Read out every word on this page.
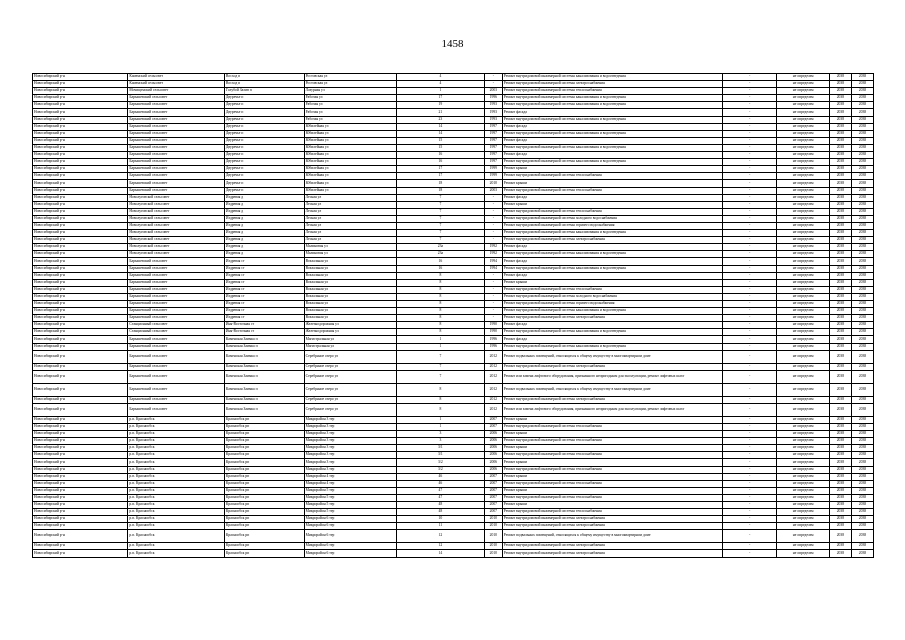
1458
Новосибирский р-н	Каменский сельсовет	Восход п	Ростовская ул	4	-	Ремонт внутридомовой инженерной системы канализования и водоотведения	-	не определен	2038	2038
Новосибирский р-н	Каменский сельсовет	Восход п	Ростовская ул	4	-	Ремонт внутридомовой инженерной системы электроснабжения	-	не определен	2038	2038
Новосибирский р-н	Мочищенский сельсовет	Голубой Залив п	Лазурная ул	1	2003	Ремонт внутридомовой инженерной системы теплоснабжения	-	не определен	2038	2038
Новосибирский р-н	Барышевский сельсовет	Двуречье п	Рабочая ул	17	1996	Ремонт внутридомовой инженерной системы канализования и водоотведения	-	не определен	2038	2038
Новосибирский р-н	Барышевский сельсовет	Двуречье п	Рабочая ул	19	1993	Ремонт внутридомовой инженерной системы канализования и водоотведения	-	не определен	2038	2038
Новосибирский р-н	Барышевский сельсовет	Двуречье п	Рабочая ул	21	1993	Ремонт фасада	-	не определен	2038	2038
Новосибирский р-н	Барышевский сельсовет	Двуречье п	Рабочая ул	23	1993	Ремонт внутридомовой инженерной системы канализования и водоотведения	-	не определен	2038	2038
Новосибирский р-н	Барышевский сельсовет	Двуречье п	Юбилейная ул	14	1997	Ремонт фасада	-	не определен	2038	2038
Новосибирский р-н	Барышевский сельсовет	Двуречье п	Юбилейная ул	14	1997	Ремонт внутридомовой инженерной системы канализования и водоотведения	-	не определен	2038	2038
Новосибирский р-н	Барышевский сельсовет	Двуречье п	Юбилейная ул	15	1997	Ремонт фасада	-	не определен	2038	2038
Новосибирский р-н	Барышевский сельсовет	Двуречье п	Юбилейная ул	15	1997	Ремонт внутридомовой инженерной системы канализования и водоотведения	-	не определен	2038	2038
Новосибирский р-н	Барышевский сельсовет	Двуречье п	Юбилейная ул	16	1997	Ремонт фасада	-	не определен	2038	2038
Новосибирский р-н	Барышевский сельсовет	Двуречье п	Юбилейная ул	16	1997	Ремонт внутридомовой инженерной системы канализования и водоотведения	-	не определен	2038	2038
Новосибирский р-н	Барышевский сельсовет	Двуречье п	Юбилейная ул	17	1999	Ремонт крыши	-	не определен	2038	2038
Новосибирский р-н	Барышевский сельсовет	Двуречье п	Юбилейная ул	17	1999	Ремонт внутридомовой инженерной системы теплоснабжения	-	не определен	2038	2038
Новосибирский р-н	Барышевский сельсовет	Двуречье п	Юбилейная ул	18	2010	Ремонт крыши	-	не определен	2038	2038
Новосибирский р-н	Барышевский сельсовет	Двуречье п	Юбилейная ул	18	2003	Ремонт внутридомовой инженерной системы теплоснабжения	-	не определен	2038	2038
Новосибирский р-н	Новолуговской сельсовет	Издревая д	Лесная ул	7	-	Ремонт фасада	-	не определен	2038	2038
Новосибирский р-н	Новолуговской сельсовет	Издревая д	Лесная ул	7	-	Ремонт крыши	-	не определен	2038	2038
Новосибирский р-н	Новолуговской сельсовет	Издревая д	Лесная ул	7	-	Ремонт внутридомовой инженерной системы теплоснабжения	-	не определен	2038	2038
Новосибирский р-н	Новолуговской сельсовет	Издревая д	Лесная ул	7	-	Ремонт внутридомовой инженерной системы холодного водоснабжения	-	не определен	2038	2038
Новосибирский р-н	Новолуговской сельсовет	Издревая д	Лесная ул	7	-	Ремонт внутридомовой инженерной системы горячего водоснабжения	-	не определен	2038	2038
Новосибирский р-н	Новолуговской сельсовет	Издревая д	Лесная ул	7	-	Ремонт внутридомовой инженерной системы канализования и водоотведения	-	не определен	2038	2038
Новосибирский р-н	Новолуговской сельсовет	Издревая д	Лесная ул	7	-	Ремонт внутридомовой инженерной системы электроснабжения	-	не определен	2038	2038
Новосибирский р-н	Новолуговской сельсовет	Издревая д	Малиновая ул	23а	1992	Ремонт фасада	-	не определен	2038	2038
Новосибирский р-н	Новолуговской сельсовет	Издревая д	Малиновая ул	23а	1992	Ремонт внутридомовой инженерной системы канализования и водоотведения	-	не определен	2038	2038
Новосибирский р-н	Барышевский сельсовет	Издревая ст	Вокзальная ул	16	1994	Ремонт фасада	-	не определен	2038	2038
Новосибирский р-н	Барышевский сельсовет	Издревая ст	Вокзальная ул	16	1994	Ремонт внутридомовой инженерной системы канализования и водоотведения	-	не определен	2038	2038
Новосибирский р-н	Барышевский сельсовет	Издревая ст	Вокзальная ул	8	-	Ремонт фасада	-	не определен	2038	2038
Новосибирский р-н	Барышевский сельсовет	Издревая ст	Вокзальная ул	8	-	Ремонт крыши	-	не определен	2038	2038
Новосибирский р-н	Барышевский сельсовет	Издревая ст	Вокзальная ул	8	-	Ремонт внутридомовой инженерной системы теплоснабжения	-	не определен	2038	2038
Новосибирский р-н	Барышевский сельсовет	Издревая ст	Вокзальная ул	8	-	Ремонт внутридомовой инженерной системы холодного водоснабжения	-	не определен	2038	2038
Новосибирский р-н	Барышевский сельсовет	Издревая ст	Вокзальная ул	8	-	Ремонт внутридомовой инженерной системы горячего водоснабжения	-	не определен	2038	2038
Новосибирский р-н	Барышевский сельсовет	Издревая ст	Вокзальная ул	8	-	Ремонт внутридомовой инженерной системы канализования и водоотведения	-	не определен	2038	2038
Новосибирский р-н	Барышевский сельсовет	Издревая ст	Вокзальная ул	8	-	Ремонт внутридомовой инженерной системы электроснабжения	-	не определен	2038	2038
Новосибирский р-н	Станционный сельсовет	Иня-Восточная ст	Железнодорожная ул	8	1990	Ремонт фасада	-	не определен	2038	2038
Новосибирский р-н	Станционный сельсовет	Иня-Восточная ст	Железнодорожная ул	8	1990	Ремонт внутридомовой инженерной системы канализования и водоотведения	-	не определен	2038	2038
Новосибирский р-н	Барышевский сельсовет	Каменская Заимка п	Магистральная ул	1	1996	Ремонт фасада	-	не определен	2038	2038
Новосибирский р-н	Барышевский сельсовет	Каменская Заимка п	Магистральная ул	1	1996	Ремонт внутридомовой инженерной системы канализования и водоотведения	-	не определен	2038	2038
Новосибирский р-н	Барышевский сельсовет	Каменская Заимка п	Серебряное озеро ул	7	2012	Ремонт подвальных помещений, относящихся к общему имуществу в многоквартирном доме	-	не определен	2038	2038
Новосибирский р-н	Барышевский сельсовет	Каменская Заимка п	Серебряное озеро ул	7	2012	Ремонт внутридомовой инженерной системы электроснабжения	-	не определен	2038	2038
Новосибирский р-н	Барышевский сельсовет	Каменская Заимка п	Серебряное озеро ул	7	2012	Ремонт или замена лифтового оборудования, признанного непригодным для эксплуатации, ремонт лифтовых шахт	-	не определен	2038	2038
Новосибирский р-н	Барышевский сельсовет	Каменская Заимка п	Серебряное озеро ул	8	2012	Ремонт подвальных помещений, относящихся к общему имуществу в многоквартирном доме	-	не определен	2038	2038
Новосибирский р-н	Барышевский сельсовет	Каменская Заимка п	Серебряное озеро ул	8	2012	Ремонт внутридомовой инженерной системы электроснабжения	-	не определен	2038	2038
Новосибирский р-н	Барышевский сельсовет	Каменская Заимка п	Серебряное озеро ул	8	2012	Ремонт или замена лифтового оборудования, признанного непригодным для эксплуатации, ремонт лифтовых шахт	-	не определен	2038	2038
Новосибирский р-н	р.п. Краснообск	Краснообск рп	Микрорайон 3 тер	1	2007	Ремонт крыши	-	не определен	2038	2038
Новосибирский р-н	р.п. Краснообск	Краснообск рп	Микрорайон 3 тер	1	2007	Ремонт внутридомовой инженерной системы теплоснабжения	-	не определен	2038	2038
Новосибирский р-н	р.п. Краснообск	Краснообск рп	Микрорайон 3 тер	3	2006	Ремонт крыши	-	не определен	2038	2038
Новосибирский р-н	р.п. Краснообск	Краснообск рп	Микрорайон 3 тер	3	2006	Ремонт внутридомовой инженерной системы теплоснабжения	-	не определен	2038	2038
Новосибирский р-н	р.п. Краснообск	Краснообск рп	Микрорайон 3 тер	3/1	2006	Ремонт крыши	-	не определен	2038	2038
Новосибирский р-н	р.п. Краснообск	Краснообск рп	Микрорайон 3 тер	3/1	2006	Ремонт внутридомовой инженерной системы теплоснабжения	-	не определен	2038	2038
Новосибирский р-н	р.п. Краснообск	Краснообск рп	Микрорайон 3 тер	3/2	2006	Ремонт крыши	-	не определен	2038	2038
Новосибирский р-н	р.п. Краснообск	Краснообск рп	Микрорайон 3 тер	3/2	2006	Ремонт внутридомовой инженерной системы теплоснабжения	-	не определен	2038	2038
Новосибирский р-н	р.п. Краснообск	Краснообск рп	Микрорайон 4 тер	46	2007	Ремонт крыши	-	не определен	2038	2038
Новосибирский р-н	р.п. Краснообск	Краснообск рп	Микрорайон 4 тер	46	2007	Ремонт внутридомовой инженерной системы теплоснабжения	-	не определен	2038	2038
Новосибирский р-н	р.п. Краснообск	Краснообск рп	Микрорайон 5 тер	47	2007	Ремонт крыши	-	не определен	2038	2038
Новосибирский р-н	р.п. Краснообск	Краснообск рп	Микрорайон 5 тер	47	2007	Ремонт внутридомовой инженерной системы теплоснабжения	-	не определен	2038	2038
Новосибирский р-н	р.п. Краснообск	Краснообск рп	Микрорайон 5 тер	48	2007	Ремонт крыши	-	не определен	2038	2038
Новосибирский р-н	р.п. Краснообск	Краснообск рп	Микрорайон 5 тер	48	2007	Ремонт внутридомовой инженерной системы теплоснабжения	-	не определен	2038	2038
Новосибирский р-н	р.п. Краснообск	Краснообск рп	Микрорайон 6 тер	10	2010	Ремонт внутридомовой инженерной системы электроснабжения	-	не определен	2038	2038
Новосибирский р-н	р.п. Краснообск	Краснообск рп	Микрорайон 6 тер	11	2010	Ремонт внутридомовой инженерной системы электроснабжения	-	не определен	2038	2038
Новосибирский р-н	р.п. Краснообск	Краснообск рп	Микрорайон 6 тер	12	2010	Ремонт подвальных помещений, относящихся к общему имуществу в многоквартирном доме	-	не определен	2038	2038
Новосибирский р-н	р.п. Краснообск	Краснообск рп	Микрорайон 6 тер	12	2010	Ремонт внутридомовой инженерной системы электроснабжения	-	не определен	2038	2038
Новосибирский р-н	р.п. Краснообск	Краснообск рп	Микрорайон 6 тер	14	2010	Ремонт внутридомовой инженерной системы электроснабжения	-	не определен	2038	2038
